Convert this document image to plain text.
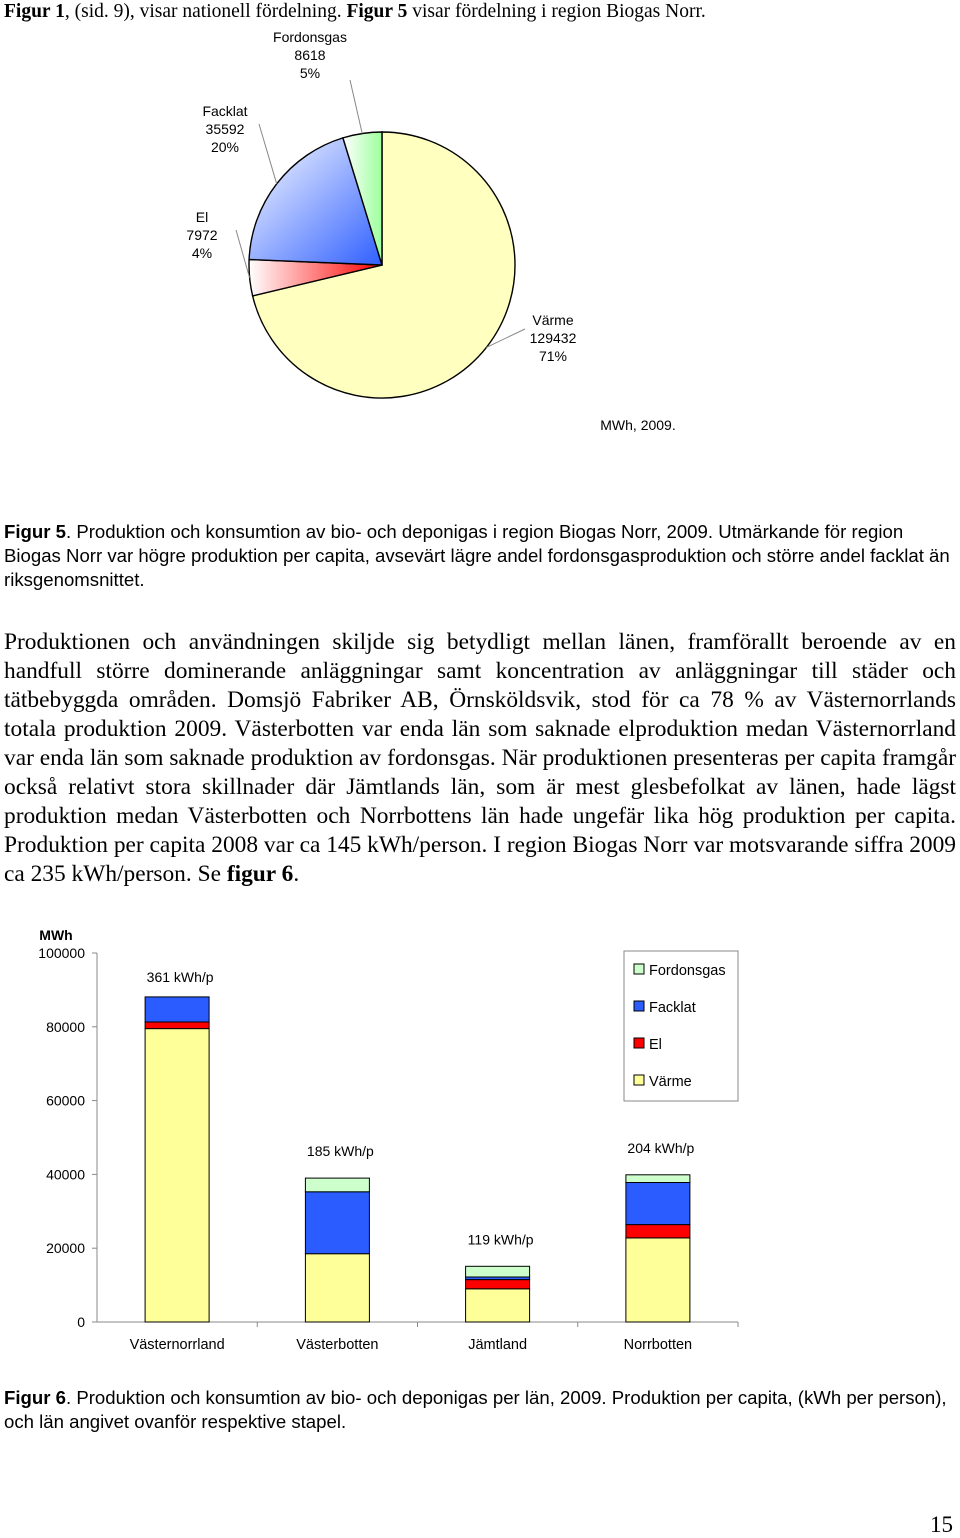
Figur 1, (sid. 9), visar nationell fördelning. Figur 5 visar fördelning i region Biogas Norr.
Värme
129432
71%
El
7972
4%
Facklat
35592
20%
Fordonsgas
8618
5%
MWh, 2009.
Figur 5. Produktion och konsumtion av bio- och deponigas i region Biogas Norr, 2009. Utmärkande för region Biogas Norr var högre produktion per capita, avsevärt lägre andel fordonsgasproduktion och större andel facklat än riksgenomsnittet.
Produktionen och användningen skiljde sig betydligt mellan länen, framförallt beroende av en handfull större dominerande anläggningar samt koncentration av anläggningar till städer och tätbebyggda områden. Domsjö Fabriker AB, Örnsköldsvik, stod för ca 78 % av Västernorrlands totala produktion 2009. Västerbotten var enda län som saknade elproduktion medan Västernorrland var enda län som saknade produktion av fordonsgas. När produktionen presenteras per capita framgår också relativt stora skillnader där Jämtlands län, som är mest glesbefolkat av länen, hade lägst produktion medan Västerbotten och Norrbottens län hade ungefär lika hög produktion per capita. Produktion per capita 2008 var ca 145 kWh/person. I region Biogas Norr var motsvarande siffra 2009 ca 235 kWh/person. Se figur 6.
MWh
0
20000
40000
60000
80000
100000
Västernorrland
361 kWh/p
Västerbotten
185 kWh/p
Jämtland
119 kWh/p
Norrbotten
204 kWh/p
Fordonsgas
Facklat
El
Värme
Figur 6. Produktion och konsumtion av bio- och deponigas per län, 2009. Produktion per capita, (kWh per person), och län angivet ovanför respektive stapel.
15
